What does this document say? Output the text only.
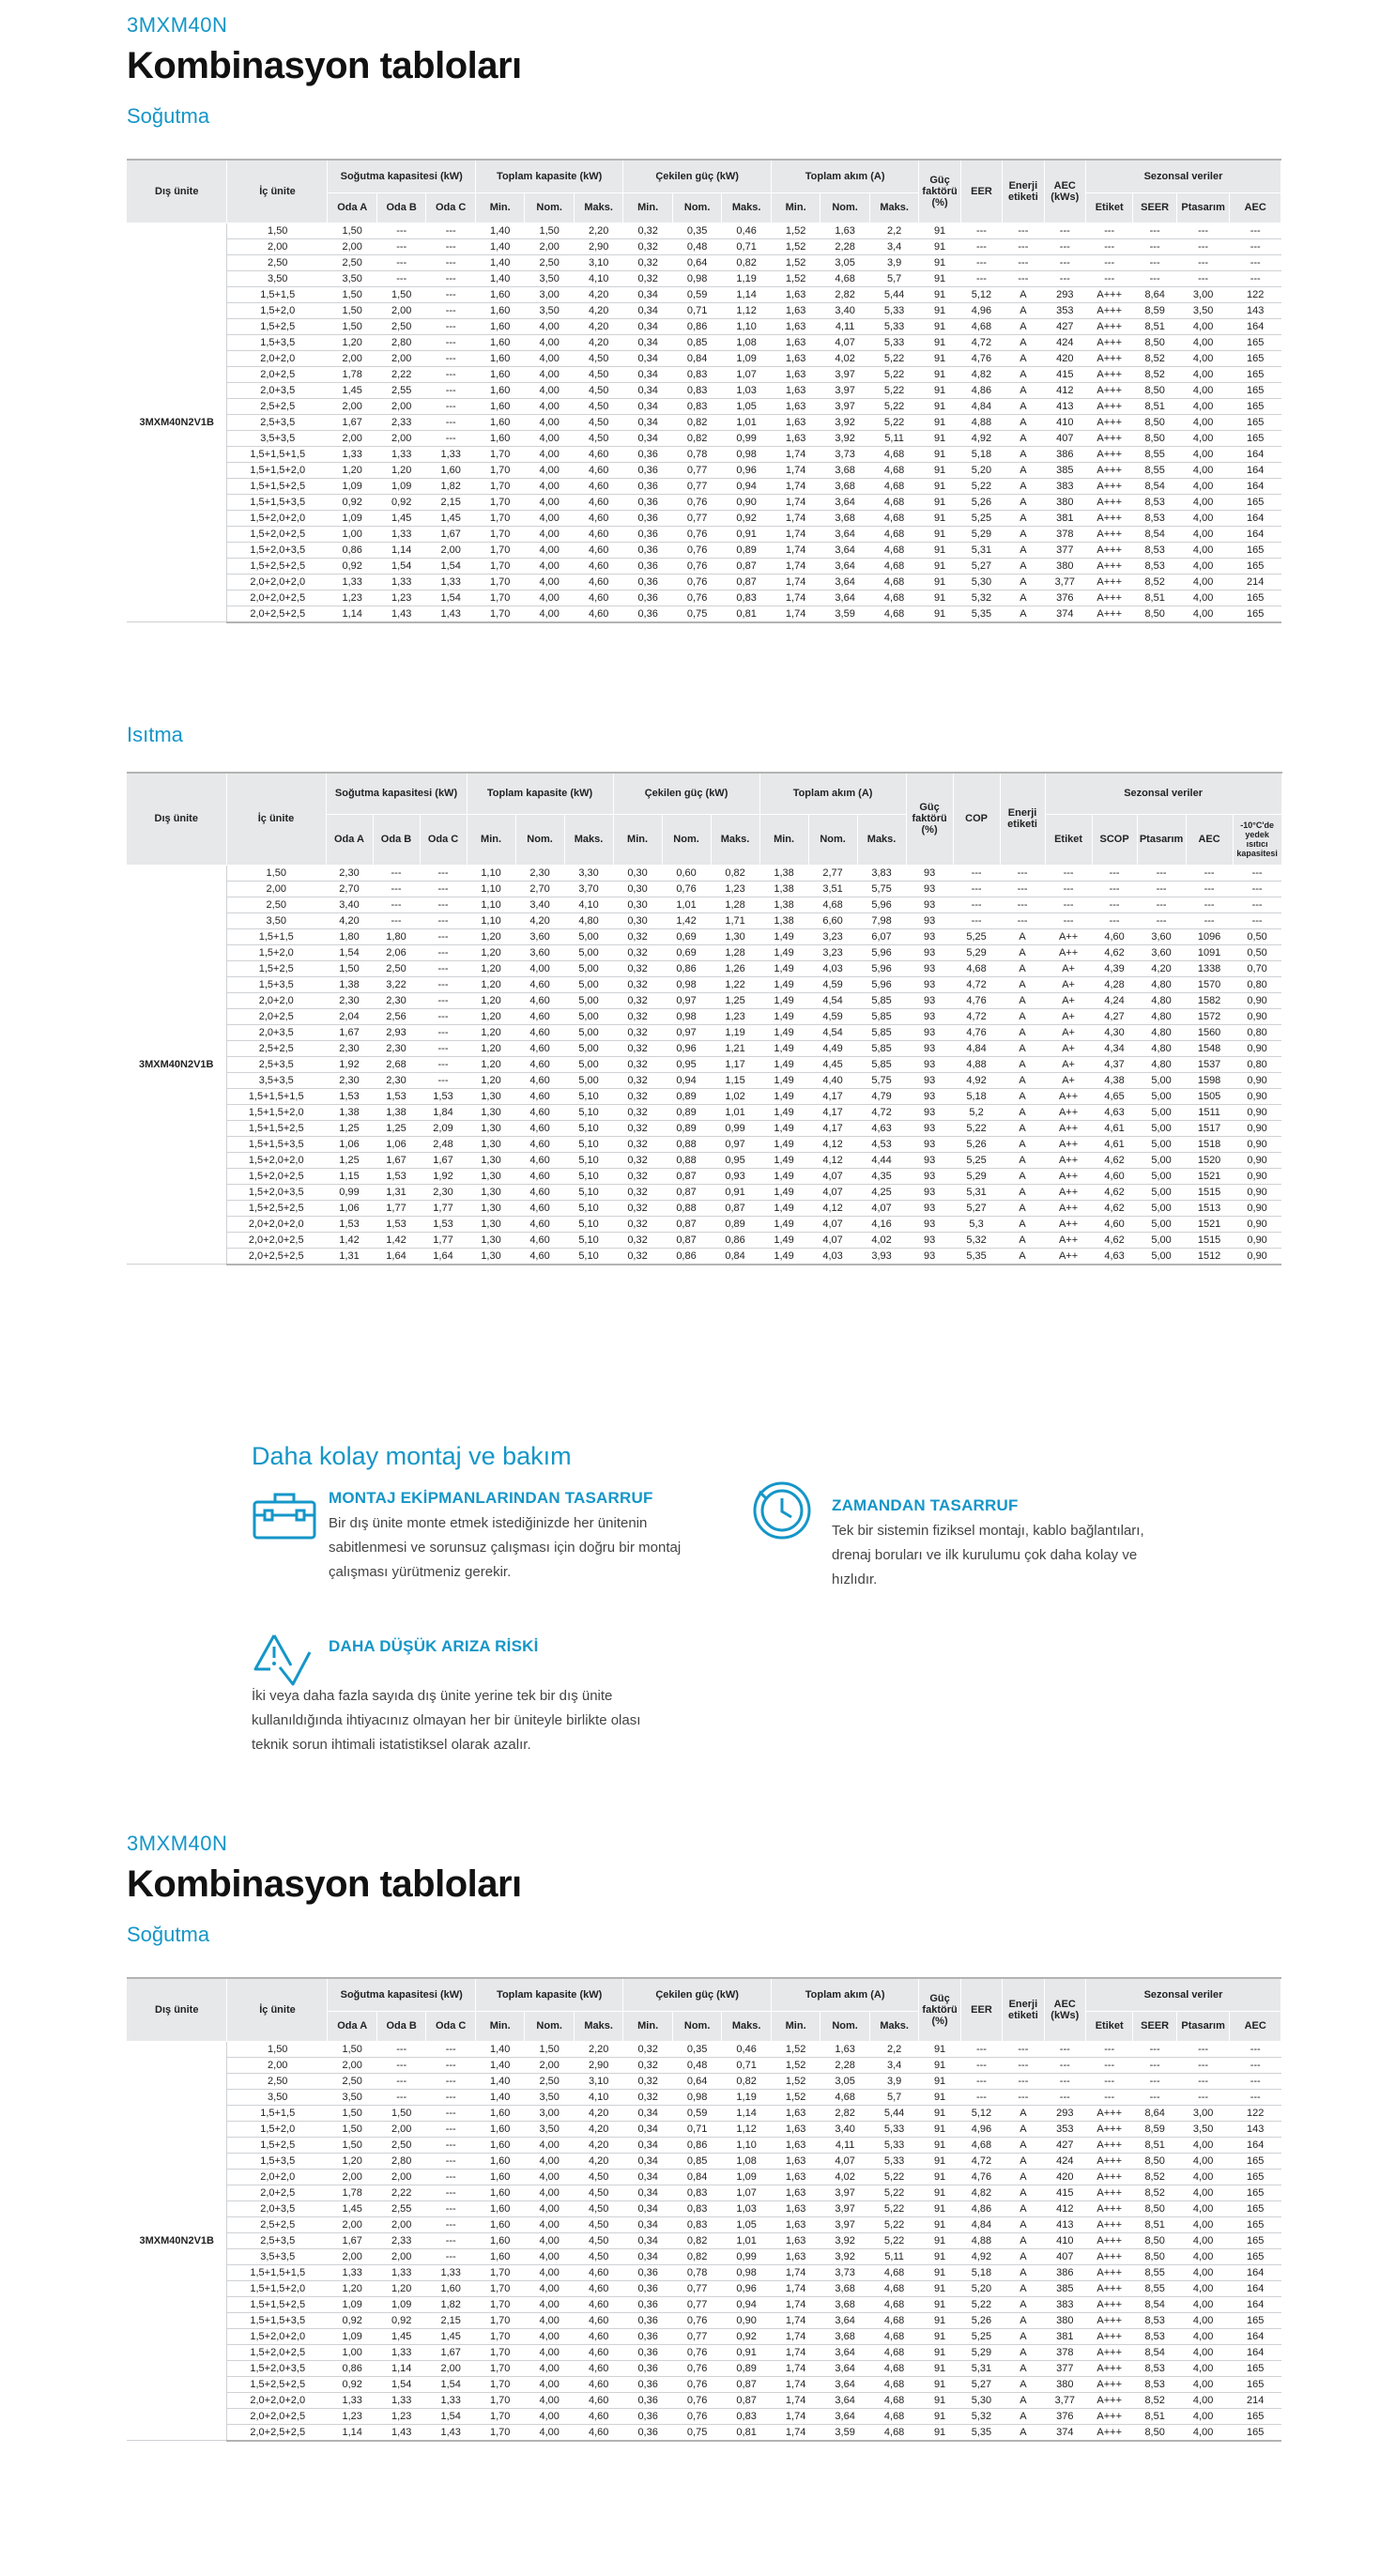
3MXM40N
Kombinasyon tabloları
Soğutma
Dış ünite	İç ünite	Soğutma kapasitesi (kW)			Toplam kapasite (kW)			Çekilen güç (kW)			Toplam akım (A)			Güç faktörü (%)	EER	Enerji etiketi	AEC (kWs)	Sezonsal veriler			
		Oda A	Oda B	Oda C	Min.	Nom.	Maks.	Min.	Nom.	Maks.	Min.	Nom.	Maks.					Etiket	SEER	Ptasarım	AEC
3MXM40N2V1B	1,50	1,50	---	---	1,40	1,50	2,20	0,32	0,35	0,46	1,52	1,63	2,2	91	---	---	---	---	---	---	---
	2,00	2,00	---	---	1,40	2,00	2,90	0,32	0,48	0,71	1,52	2,28	3,4	91	---	---	---	---	---	---	---
	2,50	2,50	---	---	1,40	2,50	3,10	0,32	0,64	0,82	1,52	3,05	3,9	91	---	---	---	---	---	---	---
	3,50	3,50	---	---	1,40	3,50	4,10	0,32	0,98	1,19	1,52	4,68	5,7	91	---	---	---	---	---	---	---
	1,5+1,5	1,50	1,50	---	1,60	3,00	4,20	0,34	0,59	1,14	1,63	2,82	5,44	91	5,12	A	293	A+++	8,64	3,00	122
	1,5+2,0	1,50	2,00	---	1,60	3,50	4,20	0,34	0,71	1,12	1,63	3,40	5,33	91	4,96	A	353	A+++	8,59	3,50	143
	1,5+2,5	1,50	2,50	---	1,60	4,00	4,20	0,34	0,86	1,10	1,63	4,11	5,33	91	4,68	A	427	A+++	8,51	4,00	164
	1,5+3,5	1,20	2,80	---	1,60	4,00	4,20	0,34	0,85	1,08	1,63	4,07	5,33	91	4,72	A	424	A+++	8,50	4,00	165
	2,0+2,0	2,00	2,00	---	1,60	4,00	4,50	0,34	0,84	1,09	1,63	4,02	5,22	91	4,76	A	420	A+++	8,52	4,00	165
	2,0+2,5	1,78	2,22	---	1,60	4,00	4,50	0,34	0,83	1,07	1,63	3,97	5,22	91	4,82	A	415	A+++	8,52	4,00	165
	2,0+3,5	1,45	2,55	---	1,60	4,00	4,50	0,34	0,83	1,03	1,63	3,97	5,22	91	4,86	A	412	A+++	8,50	4,00	165
	2,5+2,5	2,00	2,00	---	1,60	4,00	4,50	0,34	0,83	1,05	1,63	3,97	5,22	91	4,84	A	413	A+++	8,51	4,00	165
	2,5+3,5	1,67	2,33	---	1,60	4,00	4,50	0,34	0,82	1,01	1,63	3,92	5,22	91	4,88	A	410	A+++	8,50	4,00	165
	3,5+3,5	2,00	2,00	---	1,60	4,00	4,50	0,34	0,82	0,99	1,63	3,92	5,11	91	4,92	A	407	A+++	8,50	4,00	165
	1,5+1,5+1,5	1,33	1,33	1,33	1,70	4,00	4,60	0,36	0,78	0,98	1,74	3,73	4,68	91	5,18	A	386	A+++	8,55	4,00	164
	1,5+1,5+2,0	1,20	1,20	1,60	1,70	4,00	4,60	0,36	0,77	0,96	1,74	3,68	4,68	91	5,20	A	385	A+++	8,55	4,00	164
	1,5+1,5+2,5	1,09	1,09	1,82	1,70	4,00	4,60	0,36	0,77	0,94	1,74	3,68	4,68	91	5,22	A	383	A+++	8,54	4,00	164
	1,5+1,5+3,5	0,92	0,92	2,15	1,70	4,00	4,60	0,36	0,76	0,90	1,74	3,64	4,68	91	5,26	A	380	A+++	8,53	4,00	165
	1,5+2,0+2,0	1,09	1,45	1,45	1,70	4,00	4,60	0,36	0,77	0,92	1,74	3,68	4,68	91	5,25	A	381	A+++	8,53	4,00	164
	1,5+2,0+2,5	1,00	1,33	1,67	1,70	4,00	4,60	0,36	0,76	0,91	1,74	3,64	4,68	91	5,29	A	378	A+++	8,54	4,00	164
	1,5+2,0+3,5	0,86	1,14	2,00	1,70	4,00	4,60	0,36	0,76	0,89	1,74	3,64	4,68	91	5,31	A	377	A+++	8,53	4,00	165
	1,5+2,5+2,5	0,92	1,54	1,54	1,70	4,00	4,60	0,36	0,76	0,87	1,74	3,64	4,68	91	5,27	A	380	A+++	8,53	4,00	165
	2,0+2,0+2,0	1,33	1,33	1,33	1,70	4,00	4,60	0,36	0,76	0,87	1,74	3,64	4,68	91	5,30	A	3,77	A+++	8,52	4,00	214
	2,0+2,0+2,5	1,23	1,23	1,54	1,70	4,00	4,60	0,36	0,76	0,83	1,74	3,64	4,68	91	5,32	A	376	A+++	8,51	4,00	165
	2,0+2,5+2,5	1,14	1,43	1,43	1,70	4,00	4,60	0,36	0,75	0,81	1,74	3,59	4,68	91	5,35	A	374	A+++	8,50	4,00	165
Isıtma
Dış ünite	İç ünite	Soğutma kapasitesi (kW)			Toplam kapasite (kW)			Çekilen güç (kW)			Toplam akım (A)			Güç faktörü (%)	COP	Enerji etiketi	Sezonsal veriler				
		Oda A	Oda B	Oda C	Min.	Nom.	Maks.	Min.	Nom.	Maks.	Min.	Nom.	Maks.				Etiket	SCOP	Ptasarım	AEC	-10°C'de yedek ısıtıcı kapasitesi
3MXM40N2V1B	1,50	2,30	---	---	1,10	2,30	3,30	0,30	0,60	0,82	1,38	2,77	3,83	93	---	---	---	---	---	---	---
	2,00	2,70	---	---	1,10	2,70	3,70	0,30	0,76	1,23	1,38	3,51	5,75	93	---	---	---	---	---	---	---
	2,50	3,40	---	---	1,10	3,40	4,10	0,30	1,01	1,28	1,38	4,68	5,96	93	---	---	---	---	---	---	---
	3,50	4,20	---	---	1,10	4,20	4,80	0,30	1,42	1,71	1,38	6,60	7,98	93	---	---	---	---	---	---	---
	1,5+1,5	1,80	1,80	---	1,20	3,60	5,00	0,32	0,69	1,30	1,49	3,23	6,07	93	5,25	A	A++	4,60	3,60	1096	0,50
	1,5+2,0	1,54	2,06	---	1,20	3,60	5,00	0,32	0,69	1,28	1,49	3,23	5,96	93	5,29	A	A++	4,62	3,60	1091	0,50
	1,5+2,5	1,50	2,50	---	1,20	4,00	5,00	0,32	0,86	1,26	1,49	4,03	5,96	93	4,68	A	A+	4,39	4,20	1338	0,70
	1,5+3,5	1,38	3,22	---	1,20	4,60	5,00	0,32	0,98	1,22	1,49	4,59	5,96	93	4,72	A	A+	4,28	4,80	1570	0,80
	2,0+2,0	2,30	2,30	---	1,20	4,60	5,00	0,32	0,97	1,25	1,49	4,54	5,85	93	4,76	A	A+	4,24	4,80	1582	0,90
	2,0+2,5	2,04	2,56	---	1,20	4,60	5,00	0,32	0,98	1,23	1,49	4,59	5,85	93	4,72	A	A+	4,27	4,80	1572	0,90
	2,0+3,5	1,67	2,93	---	1,20	4,60	5,00	0,32	0,97	1,19	1,49	4,54	5,85	93	4,76	A	A+	4,30	4,80	1560	0,80
	2,5+2,5	2,30	2,30	---	1,20	4,60	5,00	0,32	0,96	1,21	1,49	4,49	5,85	93	4,84	A	A+	4,34	4,80	1548	0,90
	2,5+3,5	1,92	2,68	---	1,20	4,60	5,00	0,32	0,95	1,17	1,49	4,45	5,85	93	4,88	A	A+	4,37	4,80	1537	0,80
	3,5+3,5	2,30	2,30	---	1,20	4,60	5,00	0,32	0,94	1,15	1,49	4,40	5,75	93	4,92	A	A+	4,38	5,00	1598	0,90
	1,5+1,5+1,5	1,53	1,53	1,53	1,30	4,60	5,10	0,32	0,89	1,02	1,49	4,17	4,79	93	5,18	A	A++	4,65	5,00	1505	0,90
	1,5+1,5+2,0	1,38	1,38	1,84	1,30	4,60	5,10	0,32	0,89	1,01	1,49	4,17	4,72	93	5,2	A	A++	4,63	5,00	1511	0,90
	1,5+1,5+2,5	1,25	1,25	2,09	1,30	4,60	5,10	0,32	0,89	0,99	1,49	4,17	4,63	93	5,22	A	A++	4,61	5,00	1517	0,90
	1,5+1,5+3,5	1,06	1,06	2,48	1,30	4,60	5,10	0,32	0,88	0,97	1,49	4,12	4,53	93	5,26	A	A++	4,61	5,00	1518	0,90
	1,5+2,0+2,0	1,25	1,67	1,67	1,30	4,60	5,10	0,32	0,88	0,95	1,49	4,12	4,44	93	5,25	A	A++	4,62	5,00	1520	0,90
	1,5+2,0+2,5	1,15	1,53	1,92	1,30	4,60	5,10	0,32	0,87	0,93	1,49	4,07	4,35	93	5,29	A	A++	4,60	5,00	1521	0,90
	1,5+2,0+3,5	0,99	1,31	2,30	1,30	4,60	5,10	0,32	0,87	0,91	1,49	4,07	4,25	93	5,31	A	A++	4,62	5,00	1515	0,90
	1,5+2,5+2,5	1,06	1,77	1,77	1,30	4,60	5,10	0,32	0,88	0,87	1,49	4,12	4,07	93	5,27	A	A++	4,62	5,00	1513	0,90
	2,0+2,0+2,0	1,53	1,53	1,53	1,30	4,60	5,10	0,32	0,87	0,89	1,49	4,07	4,16	93	5,3	A	A++	4,60	5,00	1521	0,90
	2,0+2,0+2,5	1,42	1,42	1,77	1,30	4,60	5,10	0,32	0,87	0,86	1,49	4,07	4,02	93	5,32	A	A++	4,62	5,00	1515	0,90
	2,0+2,5+2,5	1,31	1,64	1,64	1,30	4,60	5,10	0,32	0,86	0,84	1,49	4,03	3,93	93	5,35	A	A++	4,63	5,00	1512	0,90
Daha kolay montaj ve bakım
MONTAJ EKİPMANLARINDAN TASARRUF

Bir dış ünite monte etmek istediğinizde her ünitenin sabitlenmesi ve sorunsuz çalışması için doğru bir montaj çalışması yürütmeniz gerekir.

ZAMANDAN TASARRUF

Tek bir sistemin fiziksel montajı, kablo bağlantıları, drenaj boruları ve ilk kurulumu çok daha kolay ve hızlıdır.

DAHA DÜŞÜK ARIZA RİSKİ

İki veya daha fazla sayıda dış ünite yerine tek bir dış ünite kullanıldığında ihtiyacınız olmayan her bir üniteyle birlikte olası teknik sorun ihtimali istatistiksel olarak azalır.

3MXM40N
Kombinasyon tabloları
Soğutma
Dış ünite	İç ünite	Soğutma kapasitesi (kW)			Toplam kapasite (kW)			Çekilen güç (kW)			Toplam akım (A)			Güç faktörü (%)	EER	Enerji etiketi	AEC (kWs)	Sezonsal veriler			
		Oda A	Oda B	Oda C	Min.	Nom.	Maks.	Min.	Nom.	Maks.	Min.	Nom.	Maks.					Etiket	SEER	Ptasarım	AEC
3MXM40N2V1B	1,50	1,50	---	---	1,40	1,50	2,20	0,32	0,35	0,46	1,52	1,63	2,2	91	---	---	---	---	---	---	---
	2,00	2,00	---	---	1,40	2,00	2,90	0,32	0,48	0,71	1,52	2,28	3,4	91	---	---	---	---	---	---	---
	2,50	2,50	---	---	1,40	2,50	3,10	0,32	0,64	0,82	1,52	3,05	3,9	91	---	---	---	---	---	---	---
	3,50	3,50	---	---	1,40	3,50	4,10	0,32	0,98	1,19	1,52	4,68	5,7	91	---	---	---	---	---	---	---
	1,5+1,5	1,50	1,50	---	1,60	3,00	4,20	0,34	0,59	1,14	1,63	2,82	5,44	91	5,12	A	293	A+++	8,64	3,00	122
	1,5+2,0	1,50	2,00	---	1,60	3,50	4,20	0,34	0,71	1,12	1,63	3,40	5,33	91	4,96	A	353	A+++	8,59	3,50	143
	1,5+2,5	1,50	2,50	---	1,60	4,00	4,20	0,34	0,86	1,10	1,63	4,11	5,33	91	4,68	A	427	A+++	8,51	4,00	164
	1,5+3,5	1,20	2,80	---	1,60	4,00	4,20	0,34	0,85	1,08	1,63	4,07	5,33	91	4,72	A	424	A+++	8,50	4,00	165
	2,0+2,0	2,00	2,00	---	1,60	4,00	4,50	0,34	0,84	1,09	1,63	4,02	5,22	91	4,76	A	420	A+++	8,52	4,00	165
	2,0+2,5	1,78	2,22	---	1,60	4,00	4,50	0,34	0,83	1,07	1,63	3,97	5,22	91	4,82	A	415	A+++	8,52	4,00	165
	2,0+3,5	1,45	2,55	---	1,60	4,00	4,50	0,34	0,83	1,03	1,63	3,97	5,22	91	4,86	A	412	A+++	8,50	4,00	165
	2,5+2,5	2,00	2,00	---	1,60	4,00	4,50	0,34	0,83	1,05	1,63	3,97	5,22	91	4,84	A	413	A+++	8,51	4,00	165
	2,5+3,5	1,67	2,33	---	1,60	4,00	4,50	0,34	0,82	1,01	1,63	3,92	5,22	91	4,88	A	410	A+++	8,50	4,00	165
	3,5+3,5	2,00	2,00	---	1,60	4,00	4,50	0,34	0,82	0,99	1,63	3,92	5,11	91	4,92	A	407	A+++	8,50	4,00	165
	1,5+1,5+1,5	1,33	1,33	1,33	1,70	4,00	4,60	0,36	0,78	0,98	1,74	3,73	4,68	91	5,18	A	386	A+++	8,55	4,00	164
	1,5+1,5+2,0	1,20	1,20	1,60	1,70	4,00	4,60	0,36	0,77	0,96	1,74	3,68	4,68	91	5,20	A	385	A+++	8,55	4,00	164
	1,5+1,5+2,5	1,09	1,09	1,82	1,70	4,00	4,60	0,36	0,77	0,94	1,74	3,68	4,68	91	5,22	A	383	A+++	8,54	4,00	164
	1,5+1,5+3,5	0,92	0,92	2,15	1,70	4,00	4,60	0,36	0,76	0,90	1,74	3,64	4,68	91	5,26	A	380	A+++	8,53	4,00	165
	1,5+2,0+2,0	1,09	1,45	1,45	1,70	4,00	4,60	0,36	0,77	0,92	1,74	3,68	4,68	91	5,25	A	381	A+++	8,53	4,00	164
	1,5+2,0+2,5	1,00	1,33	1,67	1,70	4,00	4,60	0,36	0,76	0,91	1,74	3,64	4,68	91	5,29	A	378	A+++	8,54	4,00	164
	1,5+2,0+3,5	0,86	1,14	2,00	1,70	4,00	4,60	0,36	0,76	0,89	1,74	3,64	4,68	91	5,31	A	377	A+++	8,53	4,00	165
	1,5+2,5+2,5	0,92	1,54	1,54	1,70	4,00	4,60	0,36	0,76	0,87	1,74	3,64	4,68	91	5,27	A	380	A+++	8,53	4,00	165
	2,0+2,0+2,0	1,33	1,33	1,33	1,70	4,00	4,60	0,36	0,76	0,87	1,74	3,64	4,68	91	5,30	A	3,77	A+++	8,52	4,00	214
	2,0+2,0+2,5	1,23	1,23	1,54	1,70	4,00	4,60	0,36	0,76	0,83	1,74	3,64	4,68	91	5,32	A	376	A+++	8,51	4,00	165
	2,0+2,5+2,5	1,14	1,43	1,43	1,70	4,00	4,60	0,36	0,75	0,81	1,74	3,59	4,68	91	5,35	A	374	A+++	8,50	4,00	165
